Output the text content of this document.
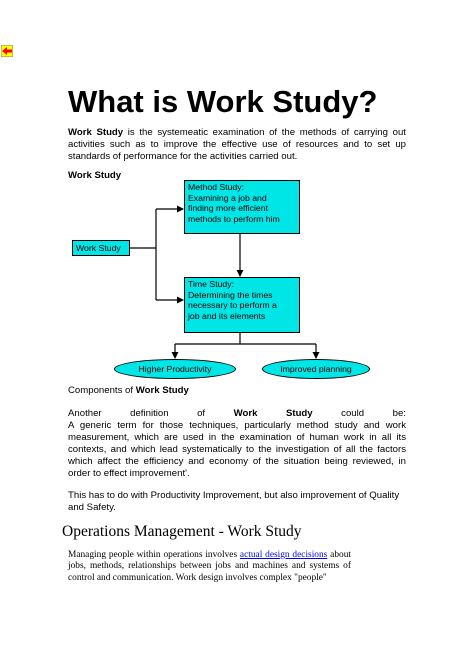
What is Work Study?

Work Study is the systemeatic examination of the methods of carrying out activities such as to improve the effective use of resources and to set up standards of performance for the activities carried out.

Work Study

Method Study:
Examining a job and
finding more efficient
methods to perform him
Work Study
Time Study:
Determining the times
necessary to perform a
job and its elements
Higher Productivity	Improved planning

Components of Work Study

Another	definition	of	Work	Study	could	be:
A generic term for those techniques, particularly method study and work measurement, which are used in the examination of human work in all its contexts, and which lead systematically to the investigation of all the factors which affect the efficiency and economy of the situation being reviewed, in order to effect improvement'.

This has to do with Productivity Improvement, but also improvement of Quality and Safety.

Operations Management - Work Study

Managing people within operations involves actual design decisions about jobs, methods, relationships between jobs and machines and systems of control and communication. Work design involves complex "people"
